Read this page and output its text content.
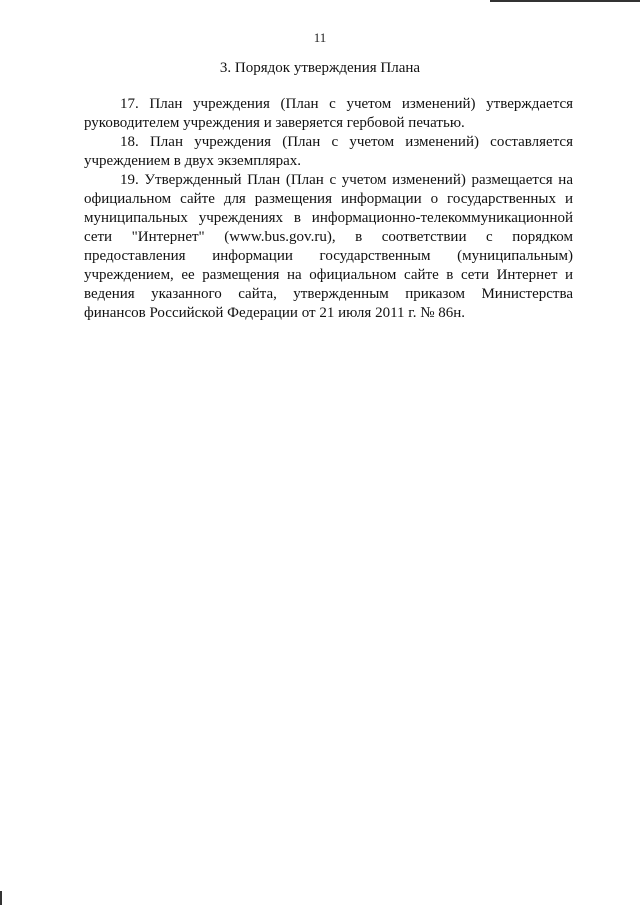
11
3. Порядок утверждения Плана

17. План учреждения (План с учетом изменений) утверждается руководителем учреждения и заверяется гербовой печатью.

18. План учреждения (План с учетом изменений) составляется учреждением в двух экземплярах.

19. Утвержденный План (План с учетом изменений) размещается на официальном сайте для размещения информации о государственных и муниципальных учреждениях в информационно-телекоммуникационной сети "Интернет" (www.bus.gov.ru), в соответствии с порядком предоставления информации государственным (муниципальным) учреждением, ее размещения на официальном сайте в сети Интернет и ведения указанного сайта, утвержденным приказом Министерства финансов Российской Федерации от 21 июля 2011 г. № 86н.
